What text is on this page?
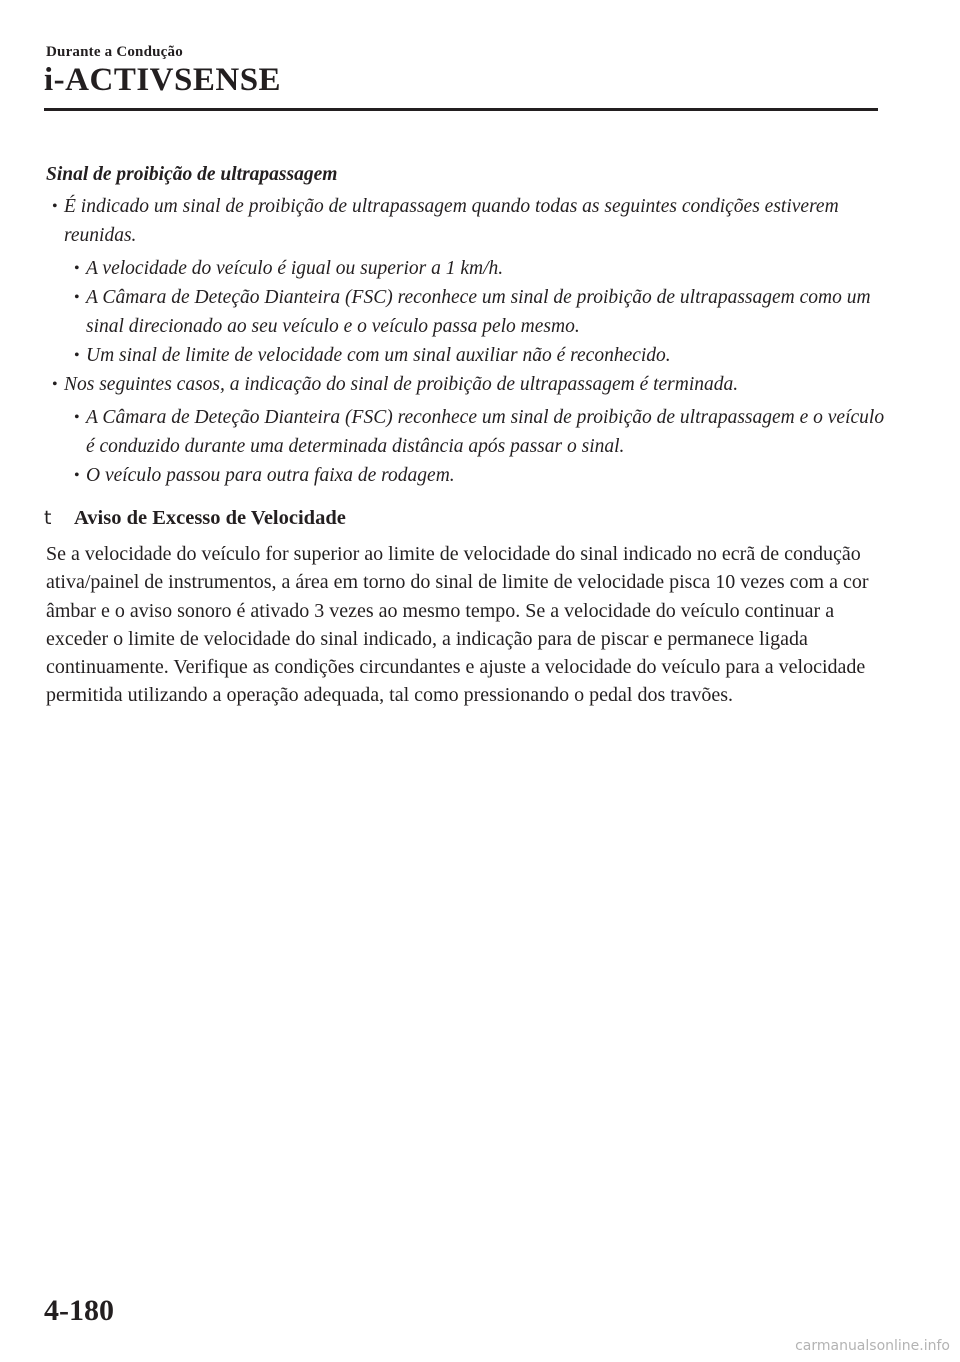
Durante a Condução
i-ACTIVSENSE
Sinal de proibição de ultrapassagem
• É indicado um sinal de proibição de ultrapassagem quando todas as seguintes condições estiverem reunidas.
• A velocidade do veículo é igual ou superior a 1 km/h.
• A Câmara de Deteção Dianteira (FSC) reconhece um sinal de proibição de ultrapassagem como um sinal direcionado ao seu veículo e o veículo passa pelo mesmo.
• Um sinal de limite de velocidade com um sinal auxiliar não é reconhecido.
• Nos seguintes casos, a indicação do sinal de proibição de ultrapassagem é terminada.
• A Câmara de Deteção Dianteira (FSC) reconhece um sinal de proibição de ultrapassagem e o veículo é conduzido durante uma determinada distância após passar o sinal.
• O veículo passou para outra faixa de rodagem.
t Aviso de Excesso de Velocidade
Se a velocidade do veículo for superior ao limite de velocidade do sinal indicado no ecrã de condução ativa/painel de instrumentos, a área em torno do sinal de limite de velocidade pisca 10 vezes com a cor âmbar e o aviso sonoro é ativado 3 vezes ao mesmo tempo. Se a velocidade do veículo continuar a exceder o limite de velocidade do sinal indicado, a indicação para de piscar e permanece ligada continuamente. Verifique as condições circundantes e ajuste a velocidade do veículo para a velocidade permitida utilizando a operação adequada, tal como pressionando o pedal dos travões.
4-180
carmanualsonline.info
